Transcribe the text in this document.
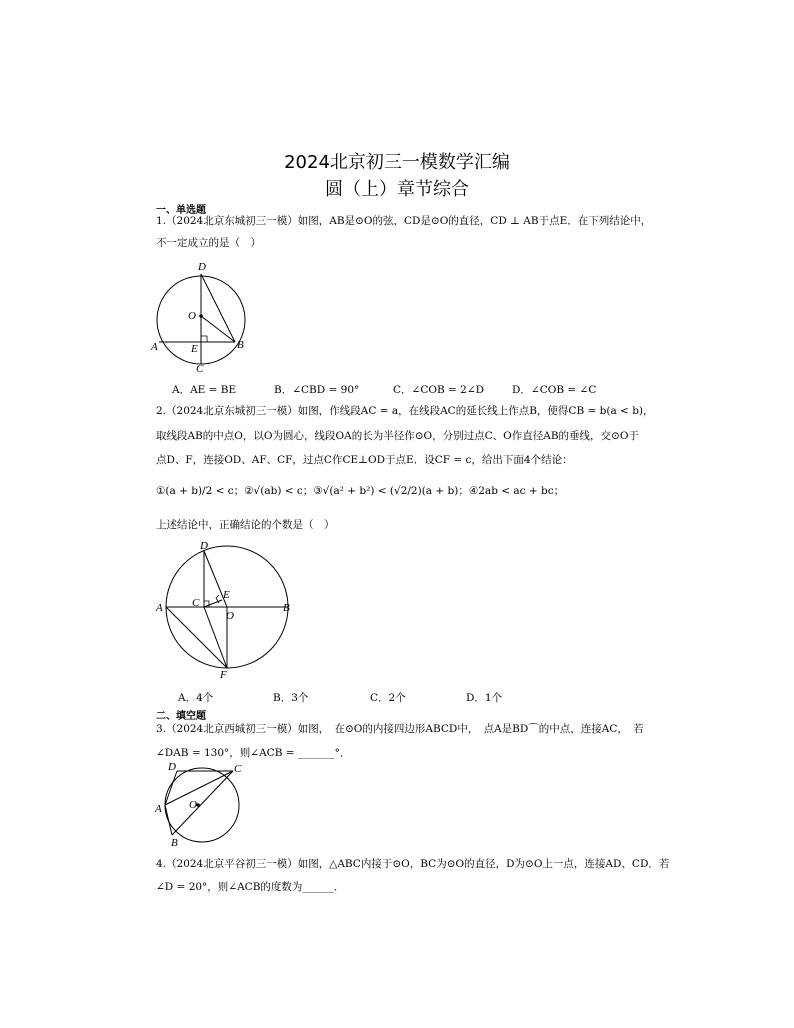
2024北京初三一模数学汇编
圆（上）章节综合
一、单选题
1.（2024北京东城初三一模）如图，AB是⊙O的弦，CD是⊙O的直径，CD ⊥ AB于点E．在下列结论中，
不一定成立的是（　）
D
O
A	E	B
C
A．AE = BE	B．∠CBD = 90°	C．∠COB = 2∠D	D．∠COB = ∠C
2.（2024北京东城初三一模）如图，作线段AC = a，在线段AC的延长线上作点B，使得CB = b(a < b)，
取线段AB的中点O，以O为圆心，线段OA的长为半径作⊙O，分别过点C、O作直径AB的垂线，交⊙O于
点D、F，连接OD、AF、CF，过点C作CE⊥OD于点E．设CF = c，给出下面4个结论：
①(a + b)/2 < c；②√(ab) < c；③√(a² + b²) < (√2/2)(a + b)；④2ab < ac + bc；
上述结论中，正确结论的个数是（　）
D
E
A	C
O
B
F
A．4个	B．3个	C．2个	D．1个
二、填空题
3.（2024北京西城初三一模）如图，　在⊙O的内接四边形ABCD中，　点A是BD⌒的中点，连接AC，　若
∠DAB = 130°，则∠ACB = _______°．
D	C
A O
B
4.（2024北京平谷初三一模）如图，△ABC内接于⊙O，BC为⊙O的直径，D为⊙O上一点，连接AD、CD．若
∠D = 20°，则∠ACB的度数为______．
